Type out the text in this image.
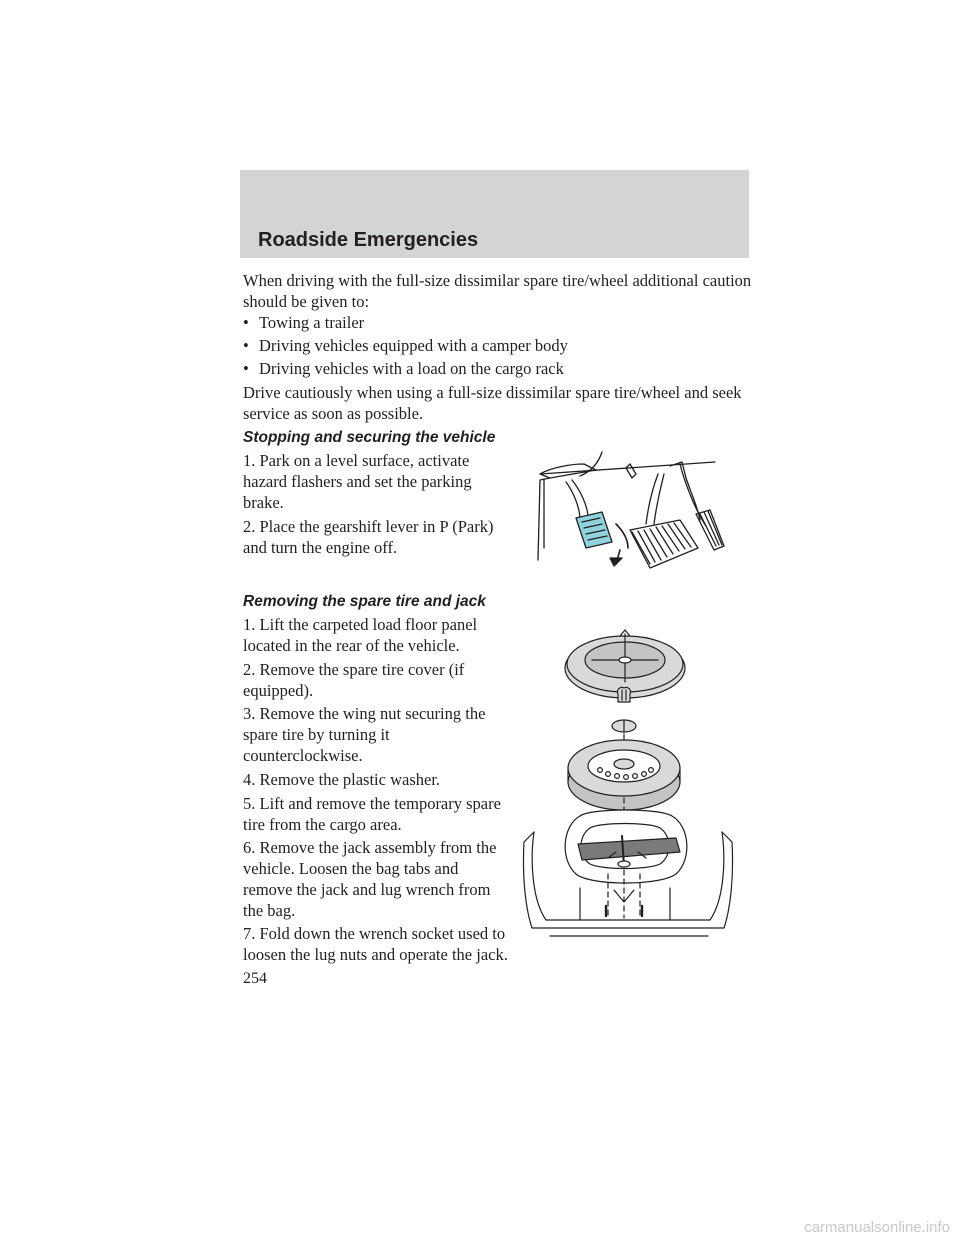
Roadside Emergencies

When driving with the full-size dissimilar spare tire/wheel additional caution should be given to:

• Towing a trailer
• Driving vehicles equipped with a camper body
• Driving vehicles with a load on the cargo rack

Drive cautiously when using a full-size dissimilar spare tire/wheel and seek service as soon as possible.

Stopping and securing the vehicle

1. Park on a level surface, activate hazard flashers and set the parking brake.

2. Place the gearshift lever in P (Park) and turn the engine off.

Removing the spare tire and jack

1. Lift the carpeted load floor panel located in the rear of the vehicle.

2. Remove the spare tire cover (if equipped).

3. Remove the wing nut securing the spare tire by turning it counterclockwise.

4. Remove the plastic washer.

5. Lift and remove the temporary spare tire from the cargo area.

6. Remove the jack assembly from the vehicle. Loosen the bag tabs and remove the jack and lug wrench from the bag.

7. Fold down the wrench socket used to loosen the lug nuts and operate the jack.

254
carmanualsonline.info
